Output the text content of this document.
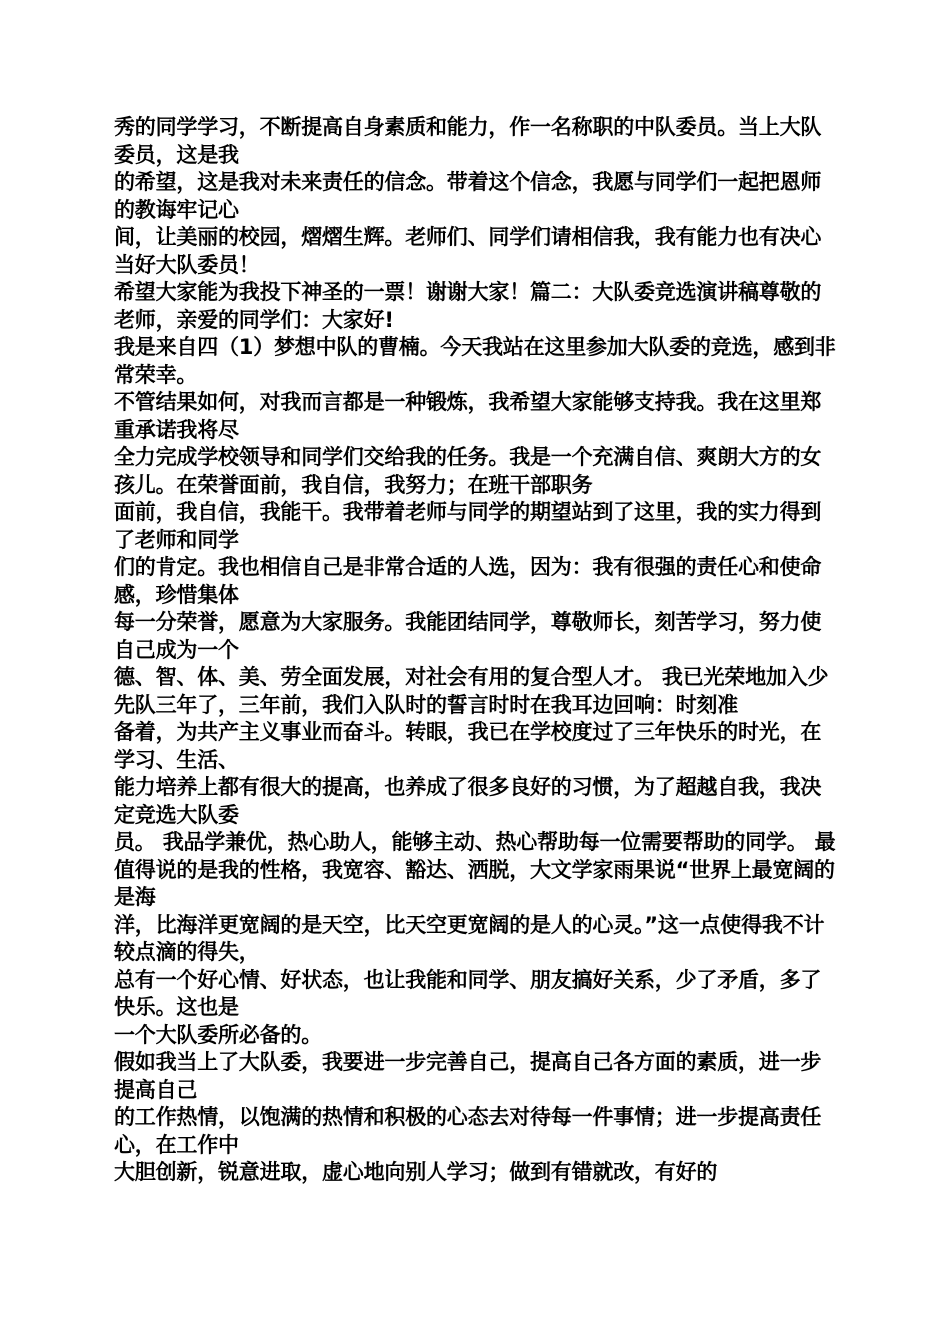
秀的同学学习，不断提高自身素质和能力，作一名称职的中队委员。当上大队委员，这是我

的希望，这是我对未来责任的信念。带着这个信念，我愿与同学们一起把恩师的教诲牢记心

间，让美丽的校园，熠熠生辉。老师们、同学们请相信我，我有能力也有决心当好大队委员！

希望大家能为我投下神圣的一票！谢谢大家！篇二：大队委竞选演讲稿尊敬的老师，亲爱的同学们：大家好!

我是来自四（1）梦想中队的曹楠。今天我站在这里参加大队委的竞选，感到非常荣幸。

不管结果如何，对我而言都是一种锻炼，我希望大家能够支持我。我在这里郑重承诺我将尽

全力完成学校领导和同学们交给我的任务。我是一个充满自信、爽朗大方的女孩儿。在荣誉面前，我自信，我努力；在班干部职务

面前，我自信，我能干。我带着老师与同学的期望站到了这里，我的实力得到了老师和同学

们的肯定。我也相信自己是非常合适的人选，因为：我有很强的责任心和使命感，珍惜集体

每一分荣誉，愿意为大家服务。我能团结同学，尊敬师长，刻苦学习，努力使自己成为一个

德、智、体、美、劳全面发展，对社会有用的复合型人才。 我已光荣地加入少先队三年了，三年前，我们入队时的誓言时时在我耳边回响：时刻准

备着，为共产主义事业而奋斗。转眼，我已在学校度过了三年快乐的时光，在学习、生活、

能力培养上都有很大的提高，也养成了很多良好的习惯，为了超越自我，我决定竞选大队委

员。 我品学兼优，热心助人，能够主动、热心帮助每一位需要帮助的同学。 最值得说的是我的性格，我宽容、豁达、洒脱，大文学家雨果说“世界上最宽阔的是海

洋，比海洋更宽阔的是天空，比天空更宽阔的是人的心灵。”这一点使得我不计较点滴的得失，

总有一个好心情、好状态，也让我能和同学、朋友搞好关系，少了矛盾，多了快乐。这也是

一个大队委所必备的。

假如我当上了大队委，我要进一步完善自己，提高自己各方面的素质，进一步提高自己

的工作热情，以饱满的热情和积极的心态去对待每一件事情；进一步提高责任心，在工作中

大胆创新，锐意进取，虚心地向别人学习；做到有错就改，有好的
